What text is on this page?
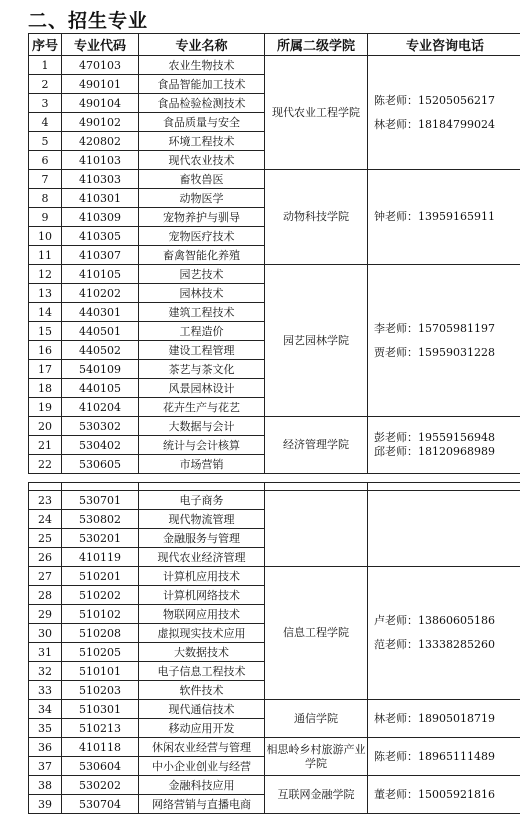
二、招生专业
序号	专业代码	专业名称	所属二级学院	专业咨询电话
1	470103	农业生物技术	现代农业工程学院	陈老师：15205056217
林老师：18184799024

2	490101	食品智能加工技术		
3	490104	食品检验检测技术		
4	490102	食品质量与安全		
5	420802	环境工程技术		
6	410103	现代农业技术		
7	410303	畜牧兽医	动物科技学院	钟老师：13959165911

8	410301	动物医学		
9	410309	宠物养护与驯导		
10	410305	宠物医疗技术		
11	410307	畜禽智能化养殖		
12	410105	园艺技术	园艺园林学院	李老师：15705981197
贾老师：15959031228

13	410202	园林技术		
14	440301	建筑工程技术		
15	440501	工程造价		
16	440502	建设工程管理		
17	540109	茶艺与茶文化		
18	440105	风景园林设计		
19	410204	花卉生产与花艺		
20	530302	大数据与会计	经济管理学院	彭老师：19559156948
邱老师：18120968989

21	530402	统计与会计核算		
22	530605	市场营销		

23	530701	电子商务		
24	530802	现代物流管理		
25	530201	金融服务与管理		
26	410119	现代农业经济管理		
27	510201	计算机应用技术	信息工程学院	卢老师：13860605186
范老师：13338285260

28	510202	计算机网络技术		
29	510102	物联网应用技术		
30	510208	虚拟现实技术应用		
31	510205	大数据技术		
32	510101	电子信息工程技术		
33	510203	软件技术		
34	510301	现代通信技术	通信学院	林老师：18905018719

35	510213	移动应用开发		
36	410118	休闲农业经营与管理	相思岭乡村旅游产业学院	陈老师：18965111489

37	530604	中小企业创业与经营		
38	530202	金融科技应用	互联网金融学院	董老师：15005921816

39	530704	网络营销与直播电商		
